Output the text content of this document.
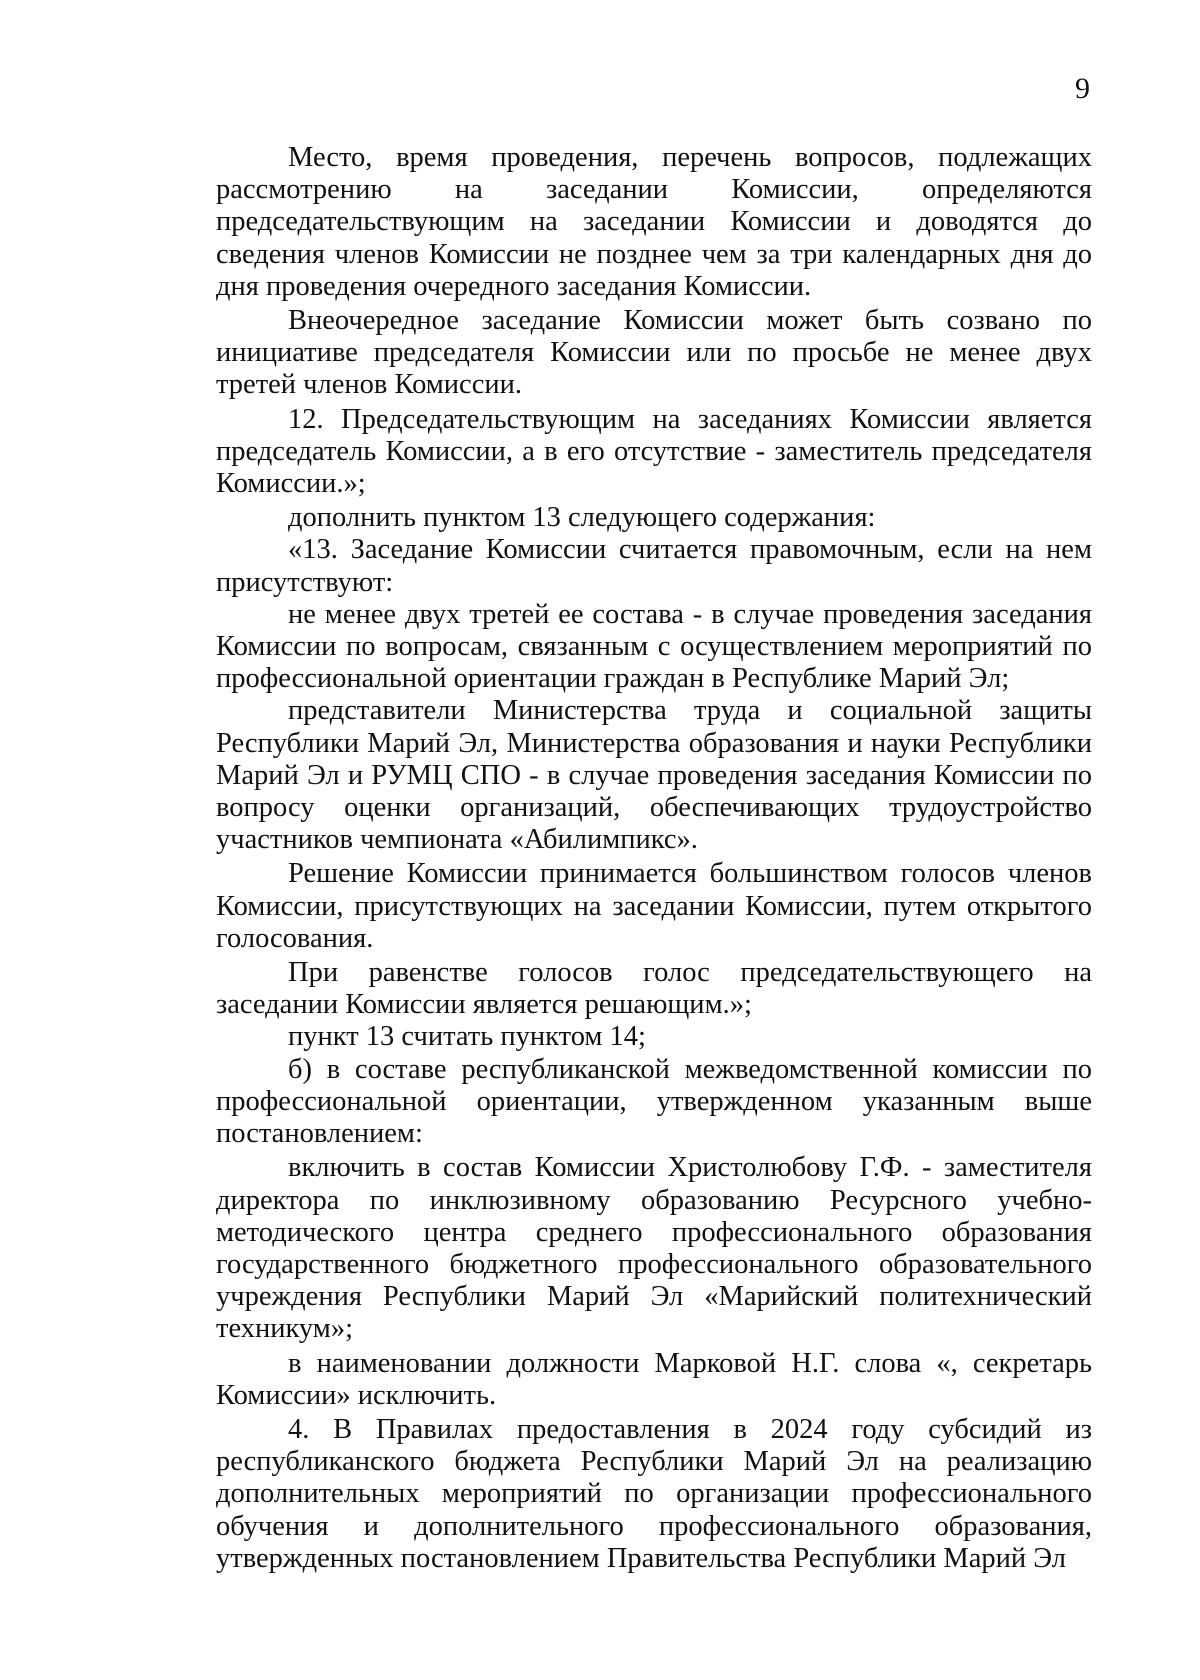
9

Место, время проведения, перечень вопросов, подлежащих рассмотрению на заседании Комиссии, определяются председательствующим на заседании Комиссии и доводятся до сведения членов Комиссии не позднее чем за три календарных дня до дня проведения очередного заседания Комиссии.

Внеочередное заседание Комиссии может быть созвано по инициативе председателя Комиссии или по просьбе не менее двух третей членов Комиссии.

12. Председательствующим на заседаниях Комиссии является председатель Комиссии, а в его отсутствие - заместитель председателя Комиссии.»;

дополнить пунктом 13 следующего содержания:

«13. Заседание Комиссии считается правомочным, если на нем присутствуют:

не менее двух третей ее состава - в случае проведения заседания Комиссии по вопросам, связанным с осуществлением мероприятий по профессиональной ориентации граждан в Республике Марий Эл;

представители Министерства труда и социальной защиты Республики Марий Эл, Министерства образования и науки Республики Марий Эл и РУМЦ СПО - в случае проведения заседания Комиссии по вопросу оценки организаций, обеспечивающих трудоустройство участников чемпионата «Абилимпикс».

Решение Комиссии принимается большинством голосов членов Комиссии, присутствующих на заседании Комиссии, путем открытого голосования.

При равенстве голосов голос председательствующего на заседании Комиссии является решающим.»;

пункт 13 считать пунктом 14;

б) в составе республиканской межведомственной комиссии по профессиональной ориентации, утвержденном указанным выше постановлением:

включить в состав Комиссии Христолюбову Г.Ф. - заместителя директора по инклюзивному образованию Ресурсного учебно-методического центра среднего профессионального образования государственного бюджетного профессионального образовательного учреждения Республики Марий Эл «Марийский политехнический техникум»;

в наименовании должности Марковой Н.Г. слова «, секретарь Комиссии» исключить.

4. В Правилах предоставления в 2024 году субсидий из республиканского бюджета Республики Марий Эл на реализацию дополнительных мероприятий по организации профессионального обучения и дополнительного профессионального образования, утвержденных постановлением Правительства Республики Марий Эл
